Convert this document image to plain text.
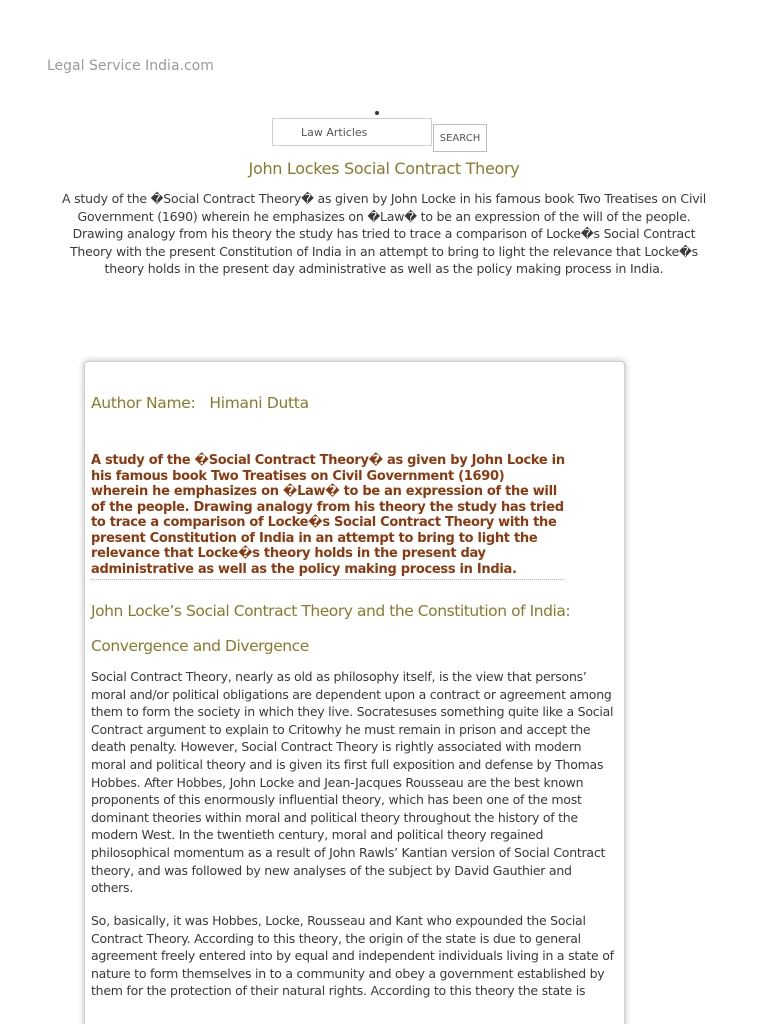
Legal Service India.com
Law Articles
SEARCH
John Lockes Social Contract Theory

A study of the �Social Contract Theory� as given by John Locke in his famous book Two Treatises on Civil Government (1690) wherein he emphasizes on �Law� to be an expression of the will of the people. Drawing analogy from his theory the study has tried to trace a comparison of Locke�s Social Contract Theory with the present Constitution of India in an attempt to bring to light the relevance that Locke�s theory holds in the present day administrative as well as the policy making process in India.

Author Name:   Himani Dutta

A study of the �Social Contract Theory� as given by John Locke in his famous book Two Treatises on Civil Government (1690) wherein he emphasizes on �Law� to be an expression of the will of the people. Drawing analogy from his theory the study has tried to trace a comparison of Locke�s Social Contract Theory with the present Constitution of India in an attempt to bring to light the relevance that Locke�s theory holds in the present day administrative as well as the policy making process in India.

John Locke’s Social Contract Theory and the Constitution of India:
Convergence and Divergence

Social Contract Theory, nearly as old as philosophy itself, is the view that persons’ moral and/or political obligations are dependent upon a contract or agreement among them to form the society in which they live. Socratesuses something quite like a Social Contract argument to explain to Critowhy he must remain in prison and accept the death penalty. However, Social Contract Theory is rightly associated with modern moral and political theory and is given its first full exposition and defense by Thomas Hobbes. After Hobbes, John Locke and Jean-Jacques Rousseau are the best known proponents of this enormously influential theory, which has been one of the most dominant theories within moral and political theory throughout the history of the modern West. In the twentieth century, moral and political theory regained philosophical momentum as a result of John Rawls’ Kantian version of Social Contract theory, and was followed by new analyses of the subject by David Gauthier and others.

So, basically, it was Hobbes, Locke, Rousseau and Kant who expounded the Social Contract Theory. According to this theory, the origin of the state is due to general agreement freely entered into by equal and independent individuals living in a state of nature to form themselves in to a community and obey a government established by them for the protection of their natural rights. According to this theory the state is
